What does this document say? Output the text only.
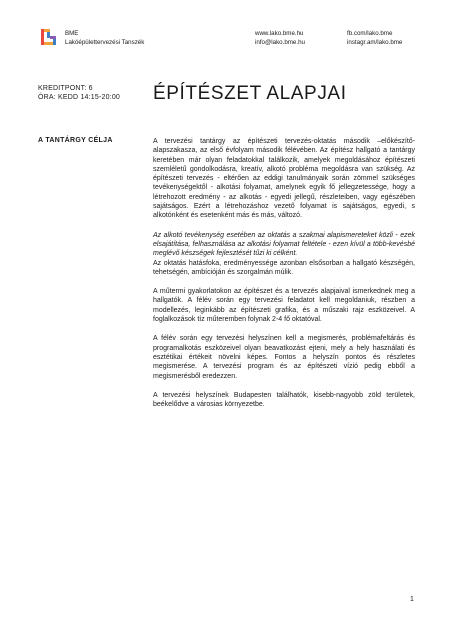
BME
Lakóépülettervezési Tanszék
www.lako.bme.hu
info@lako.bme.hu
fb.com/lako.bme
instagr.am/lako.bme
KREDITPONT: 6
ÓRA: KEDD 14:15-20:00 ÉPÍTÉSZET ALAPJAI
A TANTÁRGY CÉLJA	A tervezési tantárgy az építészeti tervezés-oktatás második –előkészítő-alapszakasza, az első évfolyam második félévében. Az építész hallgató a tantárgy keretében már olyan feladatokkal találkozik, amelyek megoldásához építészeti szemléletű gondolkodásra, kreatív, alkotó probléma megoldásra van szükség. Az építészeti tervezés - eltérően az eddigi tanulmányaik során zömmel szükséges tevékenységektől - alkotási folyamat, amelynek egyik fő jellegzetessége, hogy a létrehozott eredmény - az alkotás - egyedi jellegű, részleteiben, vagy egészében sajátságos. Ezért a létrehozáshoz vezető folyamat is sajátságos, egyedi, s alkotónként és esetenként más és más, változó.

Az alkotó tevékenység esetében az oktatás a szakmai alapismereteket közli - ezek elsajátítása, felhasználása az alkotási folyamat feltétele - ezen kívül a több-kevésbé meglévő készségek fejlesztését tűzi ki célként.

Az oktatás hatásfoka, eredményessége azonban elsősorban a hallgató készségén, tehetségén, ambícióján és szorgalmán múlik.

A műtermi gyakorlatokon az építészet és a tervezés alapjaival ismerkednek meg a hallgatók. A félév során egy tervezési feladatot kell megoldaniuk, részben a modellezés, leginkább az építészeti grafika, és a műszaki rajz eszközeivel. A foglalkozások tíz műteremben folynak 2-4 fő oktatóval.

A félév során egy tervezési helyszínen kell a megismerés, problémafeltárás és programalkotás eszközeivel olyan beavatkozást ejteni, mely a hely használati és esztétikai értékeit növelni képes. Fontos a helyszín pontos és részletes megismerése. A tervezési program és az építészeti vízió pedig ebből a megismerésből eredezzen.

A tervezési helyszínek Budapesten találhatók, kisebb-nagyobb zöld területek, beékelődve a városias környezetbe.

1
